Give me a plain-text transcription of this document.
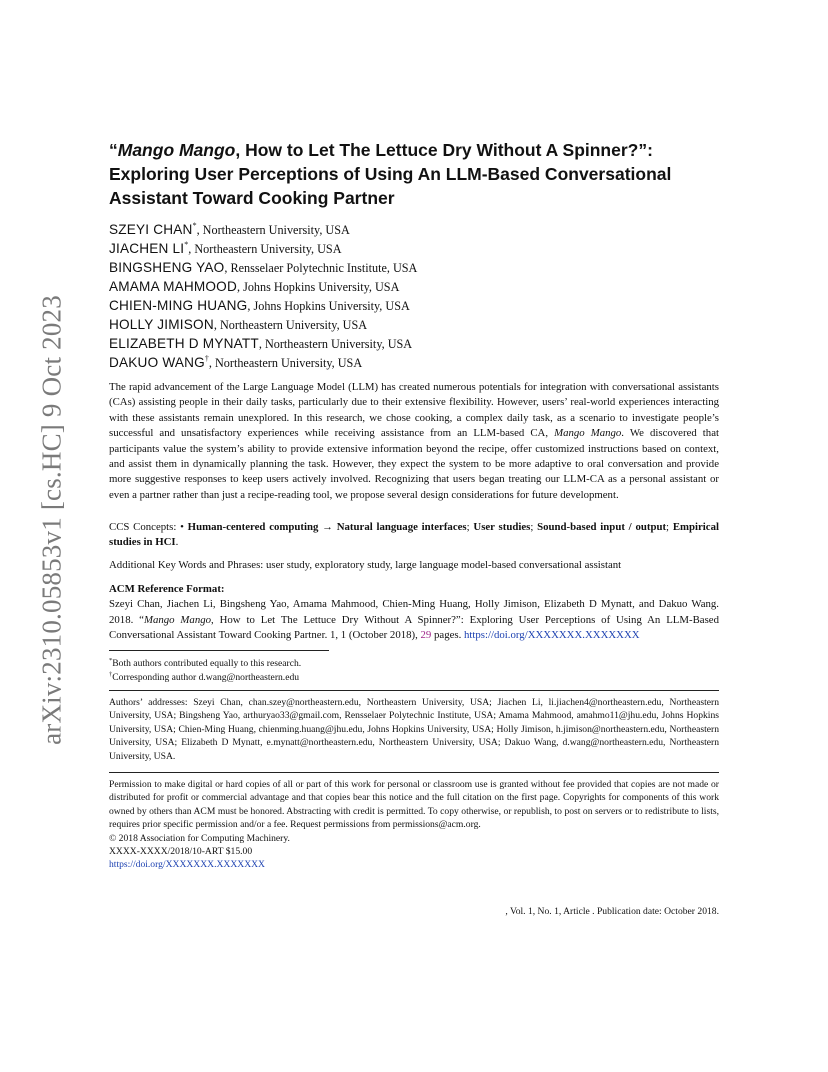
arXiv:2310.05853v1 [cs.HC] 9 Oct 2023
“Mango Mango, How to Let The Lettuce Dry Without A Spinner?”:
Exploring User Perceptions of Using An LLM-Based Conversational
Assistant Toward Cooking Partner
SZEYI CHAN*, Northeastern University, USA
JIACHEN LI*, Northeastern University, USA
BINGSHENG YAO, Rensselaer Polytechnic Institute, USA
AMAMA MAHMOOD, Johns Hopkins University, USA
CHIEN-MING HUANG, Johns Hopkins University, USA
HOLLY JIMISON, Northeastern University, USA
ELIZABETH D MYNATT, Northeastern University, USA
DAKUO WANG†, Northeastern University, USA
The rapid advancement of the Large Language Model (LLM) has created numerous potentials for integration with conversational assistants (CAs) assisting people in their daily tasks, particularly due to their extensive flexibility. However, users’ real-world experiences interacting with these assistants remain unexplored. In this research, we chose cooking, a complex daily task, as a scenario to investigate people’s successful and unsatisfactory experiences while receiving assistance from an LLM-based CA, Mango Mango. We discovered that participants value the system’s ability to provide extensive information beyond the recipe, offer customized instructions based on context, and assist them in dynamically planning the task. However, they expect the system to be more adaptive to oral conversation and provide more suggestive responses to keep users actively involved. Recognizing that users began treating our LLM-CA as a personal assistant or even a partner rather than just a recipe-reading tool, we propose several design considerations for future development.
CCS Concepts: • Human-centered computing → Natural language interfaces; User studies; Sound-based input / output; Empirical studies in HCI.
Additional Key Words and Phrases: user study, exploratory study, large language model-based conversational assistant
ACM Reference Format:
Szeyi Chan, Jiachen Li, Bingsheng Yao, Amama Mahmood, Chien-Ming Huang, Holly Jimison, Elizabeth D Mynatt, and Dakuo Wang. 2018. “Mango Mango, How to Let The Lettuce Dry Without A Spinner?”: Exploring User Perceptions of Using An LLM-Based Conversational Assistant Toward Cooking Partner. 1, 1 (October 2018), 29 pages. https://doi.org/XXXXXXX.XXXXXXX
*Both authors contributed equally to this research.
†Corresponding author d.wang@northeastern.edu
Authors’ addresses: Szeyi Chan, chan.szey@northeastern.edu, Northeastern University, USA; Jiachen Li, li.jiachen4@northeastern.edu, Northeastern University, USA; Bingsheng Yao, arthuryao33@gmail.com, Rensselaer Polytechnic Institute, USA; Amama Mahmood, amahmo11@jhu.edu, Johns Hopkins University, USA; Chien-Ming Huang, chienming.huang@jhu.edu, Johns Hopkins University, USA; Holly Jimison, h.jimison@northeastern.edu, Northeastern University, USA; Elizabeth D Mynatt, e.mynatt@northeastern.edu, Northeastern University, USA; Dakuo Wang, d.wang@northeastern.edu, Northeastern University, USA.
Permission to make digital or hard copies of all or part of this work for personal or classroom use is granted without fee provided that copies are not made or distributed for profit or commercial advantage and that copies bear this notice and the full citation on the first page. Copyrights for components of this work owned by others than ACM must be honored. Abstracting with credit is permitted. To copy otherwise, or republish, to post on servers or to redistribute to lists, requires prior specific permission and/or a fee. Request permissions from permissions@acm.org.
© 2018 Association for Computing Machinery.
XXXX-XXXX/2018/10-ART $15.00
https://doi.org/XXXXXXX.XXXXXXX
, Vol. 1, No. 1, Article . Publication date: October 2018.
